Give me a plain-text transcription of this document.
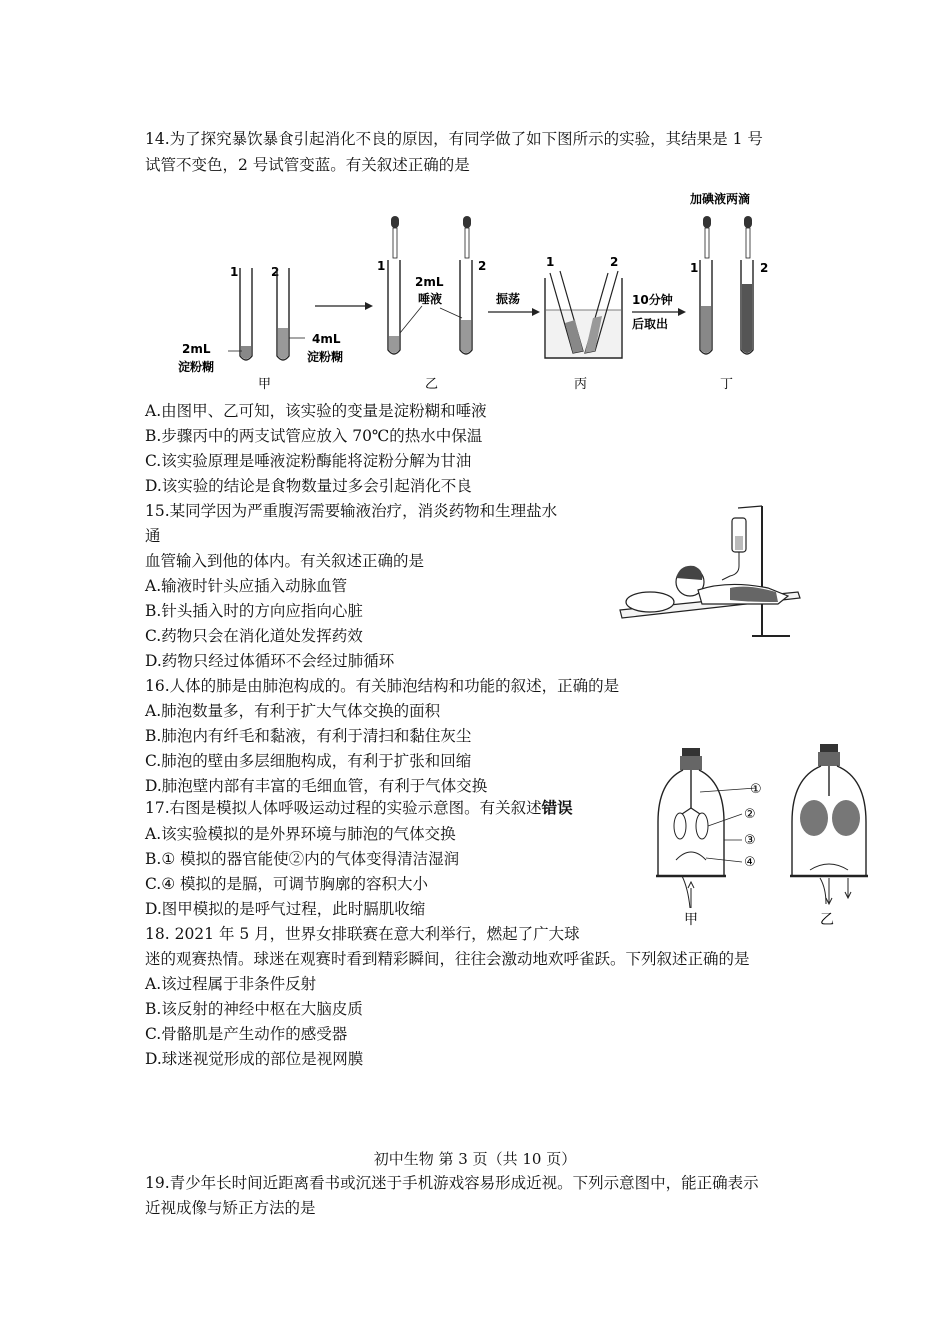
14.为了探究暴饮暴食引起消化不良的原因，有同学做了如下图所示的实验，其结果是 1 号
试管不变色，2 号试管变蓝。有关叙述正确的是
1	2
2mL
淀粉糊
4mL
淀粉糊
甲
1	2
2mL
唾液
乙
振荡
1	2
丙
10分钟
后取出
加碘液两滴
1	2
丁
A.由图甲、乙可知，该实验的变量是淀粉糊和唾液
B.步骤丙中的两支试管应放入 70℃的热水中保温
C.该实验原理是唾液淀粉酶能将淀粉分解为甘油
D.该实验的结论是食物数量过多会引起消化不良
15.某同学因为严重腹泻需要输液治疗，消炎药物和生理盐水
通
血管输入到他的体内。有关叙述正确的是
A.输液时针头应插入动脉血管
B.针头插入时的方向应指向心脏
C.药物只会在消化道处发挥药效
D.药物只经过体循环不会经过肺循环
16.人体的肺是由肺泡构成的。有关肺泡结构和功能的叙述，正确的是
A.肺泡数量多，有利于扩大气体交换的面积
B.肺泡内有纤毛和黏液，有利于清扫和黏住灰尘
C.肺泡的壁由多层细胞构成，有利于扩张和回缩
D.肺泡壁内部有丰富的毛细血管，有利于气体交换
17.右图是模拟人体呼吸运动过程的实验示意图。有关叙述错误
A.该实验模拟的是外界环境与肺泡的气体交换
B.① 模拟的器官能使②内的气体变得清洁湿润
C.④ 模拟的是膈，可调节胸廓的容积大小
D.图甲模拟的是呼气过程，此时膈肌收缩
①
②
③
④
甲	乙
18. 2021 年 5 月，世界女排联赛在意大利举行，燃起了广大球
迷的观赛热情。球迷在观赛时看到精彩瞬间，往往会激动地欢呼雀跃。下列叙述正确的是
A.该过程属于非条件反射
B.该反射的神经中枢在大脑皮质
C.骨骼肌是产生动作的感受器
D.球迷视觉形成的部位是视网膜
初中生物 第 3 页（共 10 页）
19.青少年长时间近距离看书或沉迷于手机游戏容易形成近视。下列示意图中，能正确表示
近视成像与矫正方法的是
